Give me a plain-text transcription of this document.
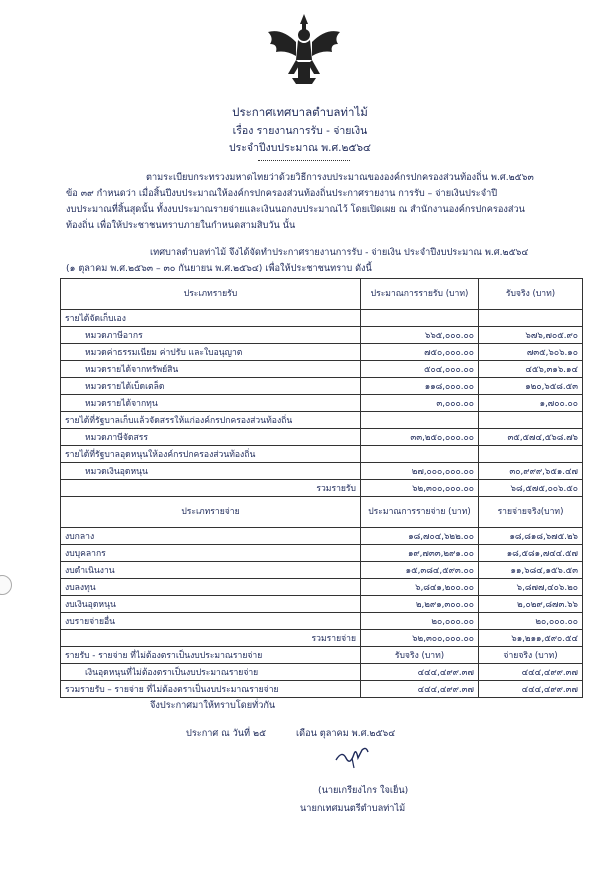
ประกาศเทศบาลตำบลท่าไม้
เรื่อง รายงานการรับ - จ่ายเงิน
ประจำปีงบประมาณ พ.ศ.๒๕๖๔
ตามระเบียบกระทรวงมหาดไทยว่าด้วยวิธีการงบประมาณขององค์กรปกครองส่วนท้องถิ่น พ.ศ.๒๕๖๓
ข้อ ๓๙ กำหนดว่า เมื่อสิ้นปีงบประมาณให้องค์กรปกครองส่วนท้องถิ่นประกาศรายงาน การรับ – จ่ายเงินประจำปี
งบประมาณที่สิ้นสุดนั้น ทั้งงบประมาณรายจ่ายและเงินนอกงบประมาณไว้ โดยเปิดเผย ณ สำนักงานองค์กรปกครองส่วน
ท้องถิ่น เพื่อให้ประชาชนทราบภายในกำหนดสามสิบวัน นั้น
เทศบาลตำบลท่าไม้ จึงได้จัดทำประกาศรายงานการรับ - จ่ายเงิน ประจำปีงบประมาณ พ.ศ.๒๕๖๔
(๑ ตุลาคม พ.ศ.๒๕๖๓ – ๓๐ กันยายน พ.ศ.๒๕๖๔) เพื่อให้ประชาชนทราบ ดังนี้
ประเภทรายรับ	ประมาณการรายรับ (บาท)	รับจริง (บาท)
รายได้จัดเก็บเอง		
หมวดภาษีอากร	๖๖๕,๐๐๐.๐๐	๖๗๖,๗๐๕.๙๐
หมวดค่าธรรมเนียม ค่าปรับ และใบอนุญาต	๗๕๐,๐๐๐.๐๐	๗๓๕,๖๐๖.๑๐
หมวดรายได้จากทรัพย์สิน	๕๐๔,๐๐๐.๐๐	๔๕๖,๓๑๖.๑๔
หมวดรายได้เบ็ดเตล็ด	๑๑๘,๐๐๐.๐๐	๑๒๐,๖๕๘.๕๓
หมวดรายได้จากทุน	๓,๐๐๐.๐๐	๑,๗๐๐.๐๐
รายได้ที่รัฐบาลเก็บแล้วจัดสรรให้แก่องค์กรปกครองส่วนท้องถิ่น		
หมวดภาษีจัดสรร	๓๓,๒๕๐,๐๐๐.๐๐	๓๕,๕๗๔,๕๖๘.๗๖
รายได้ที่รัฐบาลอุดหนุนให้องค์กรปกครองส่วนท้องถิ่น		
หมวดเงินอุดหนุน	๒๗,๐๐๐,๐๐๐.๐๐	๓๐,๙๙๙,๖๕๑.๔๗
รวมรายรับ	๖๒,๓๐๐,๐๐๐.๐๐	๖๘,๕๗๕,๐๐๖.๕๐
ประเภทรายจ่าย	ประมาณการรายจ่าย (บาท)	รายจ่ายจริง(บาท)
งบกลาง	๑๘,๗๐๔,๖๒๒.๐๐	๑๘,๘๑๘,๖๗๕.๒๖
งบบุคลากร	๑๙,๗๓๓,๒๙๑.๐๐	๑๘,๕๘๑,๗๔๔.๕๗
งบดำเนินงาน	๑๕,๓๘๔,๕๙๓.๐๐	๑๑,๖๘๔,๑๕๖.๕๓
งบลงทุน	๖,๘๔๑,๒๐๐.๐๐	๖,๘๗๗,๔๐๖.๒๐
งบเงินอุดหนุน	๒,๒๙๑,๓๐๐.๐๐	๒,๐๒๙,๘๗๓.๖๖
งบรายจ่ายอื่น	๒๐,๐๐๐.๐๐	๒๐,๐๐๐.๐๐
รวมรายจ่าย	๖๒,๓๐๐,๐๐๐.๐๐	๖๑,๒๑๑,๕๙๐.๕๔
รายรับ - รายจ่าย ที่ไม่ต้องตราเป็นงบประมาณรายจ่าย	รับจริง (บาท)	จ่ายจริง (บาท)
เงินอุดหนุนที่ไม่ต้องตราเป็นงบประมาณรายจ่าย	๔๔๔,๔๙๙.๓๗	๔๔๔,๔๙๙.๓๗
รวมรายรับ – รายจ่าย ที่ไม่ต้องตราเป็นงบประมาณรายจ่าย	๔๔๔,๔๙๙.๓๗	๔๔๔,๔๙๙.๓๗
จึงประกาศมาให้ทราบโดยทั่วกัน
ประกาศ ณ วันที่ ๒๕	เดือน ตุลาคม พ.ศ.๒๕๖๔
(นายเกรียงไกร ใจเย็น)
นายกเทศมนตรีตำบลท่าไม้
